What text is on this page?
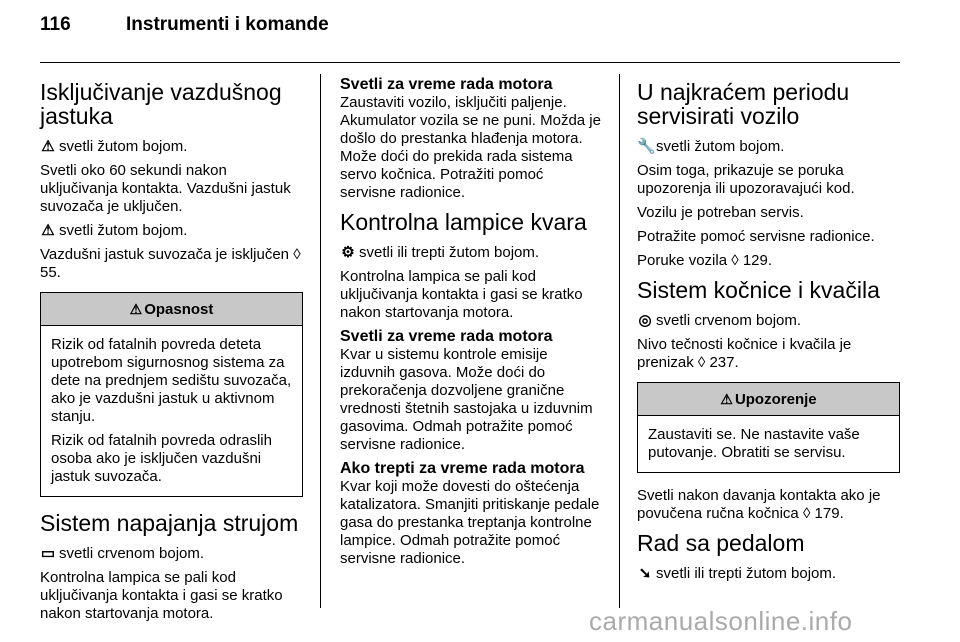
116	Instrumenti i komande
Isključivanje vazdušnog jastuka

⚠ svetli žutom bojom.

Svetli oko 60 sekundi nakon uključivanja kontakta. Vazdušni jastuk suvozača je uključen.

⚠ svetli žutom bojom.

Vazdušni jastuk suvozača je isključen ◊ 55.

⚠ Opasnost

Rizik od fatalnih povreda deteta upotrebom sigurnosnog sistema za dete na prednjem sedištu suvozača, ako je vazdušni jastuk u aktivnom stanju.

Rizik od fatalnih povreda odraslih osoba ako je isključen vazdušni jastuk suvozača.

Sistem napajanja strujom

▭ svetli crvenom bojom.

Kontrolna lampica se pali kod uključivanja kontakta i gasi se kratko nakon startovanja motora.

Svetli za vreme rada motora

Zaustaviti vozilo, isključiti paljenje. Akumulator vozila se ne puni. Možda je došlo do prestanka hlađenja motora. Može doći do prekida rada sistema servo kočnica. Potražiti pomoć servisne radionice.

Kontrolna lampice kvara

⚙ svetli ili trepti žutom bojom.

Kontrolna lampica se pali kod uključivanja kontakta i gasi se kratko nakon startovanja motora.

Svetli za vreme rada motora

Kvar u sistemu kontrole emisije izduvnih gasova. Može doći do prekoračenja dozvoljene granične vrednosti štetnih sastojaka u izduvnim gasovima. Odmah potražite pomoć servisne radionice.

Ako trepti za vreme rada motora

Kvar koji može dovesti do oštećenja katalizatora. Smanjiti pritiskanje pedale gasa do prestanka treptanja kontrolne lampice. Odmah potražite pomoć servisne radionice.

U najkraćem periodu servisirati vozilo

🔧svetli žutom bojom.

Osim toga, prikazuje se poruka upozorenja ili upozoravajući kod.

Vozilu je potreban servis.

Potražite pomoć servisne radionice.

Poruke vozila ◊ 129.

Sistem kočnice i kvačila

◎ svetli crvenom bojom.

Nivo tečnosti kočnice i kvačila je prenizak ◊ 237.

⚠ Upozorenje

Zaustaviti se. Ne nastavite vaše putovanje. Obratiti se servisu.

Svetli nakon davanja kontakta ako je povučena ručna kočnica ◊ 179.

Rad sa pedalom

➘ svetli ili trepti žutom bojom.

carmanualsonline.info
